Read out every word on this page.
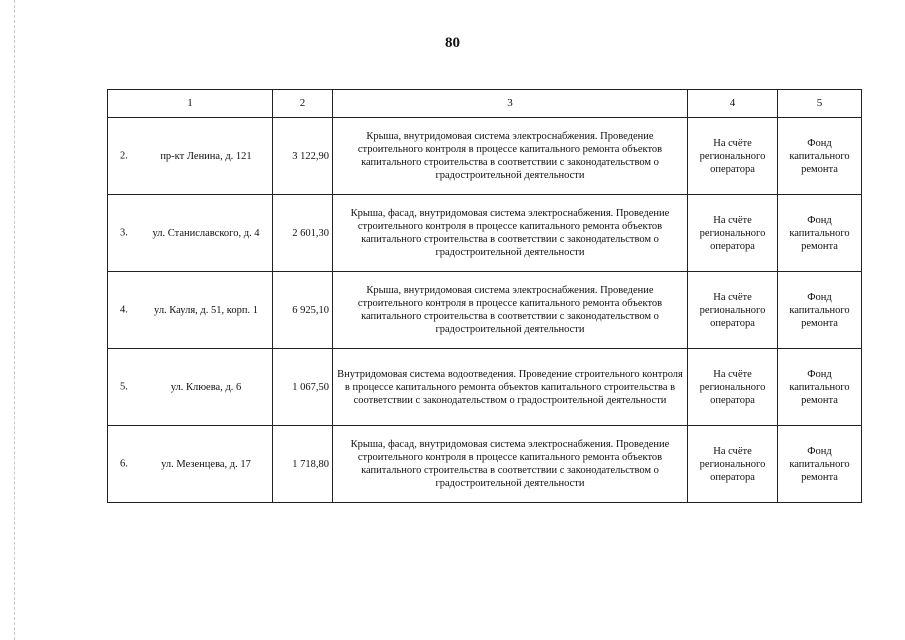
80
1	2	3	4	5

2. пр-кт Ленина, д. 121	3 122,90	Крыша, внутридомовая система электроснабжения. Проведение строительного контроля в процессе капитального ремонта объектов капитального строительства в соответствии с законодательством о градостроительной деятельности	На счёте регионального оператора	Фонд капитального ремонта

3. ул. Станиславского, д. 4	2 601,30	Крыша, фасад, внутридомовая система электроснабжения. Проведение строительного контроля в процессе капитального ремонта объектов капитального строительства в соответствии с законодательством о градостроительной деятельности	На счёте регионального оператора	Фонд капитального ремонта

4. ул. Кауля, д. 51, корп. 1	6 925,10	Крыша, внутридомовая система электроснабжения. Проведение строительного контроля в процессе капитального ремонта объектов капитального строительства в соответствии с законодательством о градостроительной деятельности	На счёте регионального оператора	Фонд капитального ремонта

5. ул. Клюева, д. 6	1 067,50	Внутридомовая система водоотведения. Проведение строительного контроля в процессе капитального ремонта объектов капитального строительства в соответствии с законодательством о градостроительной деятельности	На счёте регионального оператора	Фонд капитального ремонта

6. ул. Мезенцева, д. 17	1 718,80	Крыша, фасад, внутридомовая система электроснабжения. Проведение строительного контроля в процессе капитального ремонта объектов капитального строительства в соответствии с законодательством о градостроительной деятельности	На счёте регионального оператора	Фонд капитального ремонта
